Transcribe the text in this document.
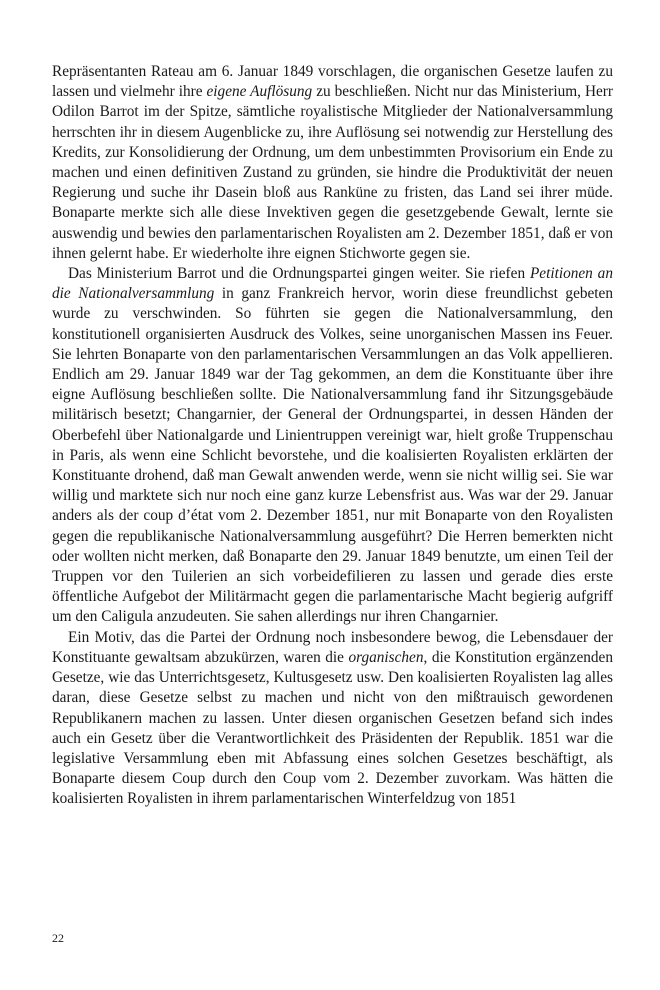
Repräsentanten Rateau am 6. Januar 1849 vorschlagen, die organischen Gesetze laufen zu lassen und vielmehr ihre eigene Auflösung zu beschließen. Nicht nur das Ministerium, Herr Odilon Barrot im der Spitze, sämtliche royalistische Mitglieder der Nationalversammlung herrschten ihr in diesem Augenblicke zu, ihre Auflösung sei notwendig zur Herstellung des Kredits, zur Konsolidierung der Ordnung, um dem unbestimmten Provisorium ein Ende zu machen und einen definitiven Zustand zu gründen, sie hindre die Produktivität der neuen Regierung und suche ihr Dasein bloß aus Rankünе zu fristen, das Land sei ihrer müde. Bonaparte merkte sich alle diese Invektiven gegen die gesetzgebende Gewalt, lernte sie auswendig und bewies den parlamentarischen Royalisten am 2. Dezember 1851, daß er von ihnen gelernt habe. Er wiederholte ihre eignen Stichworte gegen sie.

Das Ministerium Barrot und die Ordnungspartei gingen weiter. Sie riefen Petitionen an die Nationalversammlung in ganz Frankreich hervor, worin diese freundlichst gebeten wurde zu verschwinden. So führten sie gegen die Nationalversammlung, den konstitutionell organisierten Ausdruck des Volkes, seine unorganischen Massen ins Feuer. Sie lehrten Bonaparte von den parlamentarischen Versammlungen an das Volk appellieren. Endlich am 29. Januar 1849 war der Tag gekommen, an dem die Konstituante über ihre eigne Auflösung beschließen sollte. Die Nationalversammlung fand ihr Sitzungsgebäude militärisch besetzt; Changarnier, der General der Ordnungspartei, in dessen Händen der Oberbefehl über Nationalgarde und Linientruppen vereinigt war, hielt große Truppenschau in Paris, als wenn eine Schlicht bevorstehe, und die koalisierten Royalisten erklärten der Konstituante drohend, daß man Gewalt anwenden werde, wenn sie nicht willig sei. Sie war willig und marktete sich nur noch eine ganz kurze Lebensfrist aus. Was war der 29. Januar anders als der coup d’état vom 2. Dezember 1851, nur mit Bonaparte von den Royalisten gegen die republikanische Nationalversammlung ausgeführt? Die Herren bemerkten nicht oder wollten nicht merken, daß Bonaparte den 29. Januar 1849 benutzte, um einen Teil der Truppen vor den Tuilerien an sich vorbeidefilieren zu lassen und gerade dies erste öffentliche Aufgebot der Militärmacht gegen die parlamentarische Macht begierig aufgriff um den Caligula anzudeuten. Sie sahen allerdings nur ihren Changarnier.

Ein Motiv, das die Partei der Ordnung noch insbesondere bewog, die Lebensdauer der Konstituante gewaltsam abzukürzen, waren die organischen, die Konstitution ergänzenden Gesetze, wie das Unterrichtsgesetz, Kultusgesetz usw. Den koalisierten Royalisten lag alles daran, diese Gesetze selbst zu machen und nicht von den mißtrauisch gewordenen Republikanern machen zu lassen. Unter diesen organischen Gesetzen befand sich indes auch ein Gesetz über die Verantwortlichkeit des Präsidenten der Republik. 1851 war die legislative Versammlung eben mit Abfassung eines solchen Gesetzes beschäftigt, als Bonaparte diesem Coup durch den Coup vom 2. Dezember zuvorkam. Was hätten die koalisierten Royalisten in ihrem parlamentarischen Winterfeldzug von 1851

22
